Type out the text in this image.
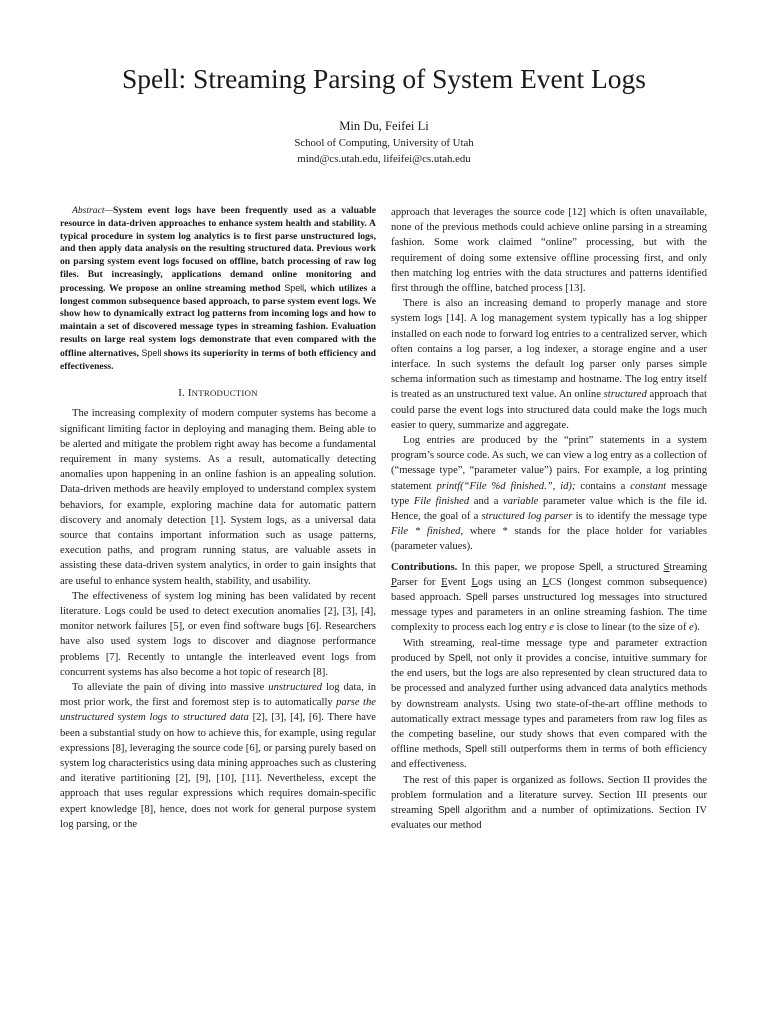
Spell: Streaming Parsing of System Event Logs
Min Du, Feifei Li
School of Computing, University of Utah
mind@cs.utah.edu, lifeifei@cs.utah.edu

Abstract—System event logs have been frequently used as a valuable resource in data-driven approaches to enhance system health and stability. A typical procedure in system log analytics is to first parse unstructured logs, and then apply data analysis on the resulting structured data. Previous work on parsing system event logs focused on offline, batch processing of raw log files. But increasingly, applications demand online monitoring and processing. We propose an online streaming method Spell, which utilizes a longest common subsequence based approach, to parse system event logs. We show how to dynamically extract log patterns from incoming logs and how to maintain a set of discovered message types in streaming fashion. Evaluation results on large real system logs demonstrate that even compared with the offline alternatives, Spell shows its superiority in terms of both efficiency and effectiveness.

I. INTRODUCTION

The increasing complexity of modern computer systems has become a significant limiting factor in deploying and managing them. Being able to be alerted and mitigate the problem right away has become a fundamental requirement in many systems. As a result, automatically detecting anomalies upon happening in an online fashion is an appealing solution. Data-driven methods are heavily employed to understand complex system behaviors, for example, exploring machine data for automatic pattern discovery and anomaly detection [1]. System logs, as a universal data source that contains important information such as usage patterns, execution paths, and program running status, are valuable assets in assisting these data-driven system analytics, in order to gain insights that are useful to enhance system health, stability, and usability.

The effectiveness of system log mining has been validated by recent literature. Logs could be used to detect execution anomalies [2], [3], [4], monitor network failures [5], or even find software bugs [6]. Researchers have also used system logs to discover and diagnose performance problems [7]. Recently to untangle the interleaved event logs from concurrent systems has also become a hot topic of research [8].

To alleviate the pain of diving into massive unstructured log data, in most prior work, the first and foremost step is to automatically parse the unstructured system logs to structured data [2], [3], [4], [6]. There have been a substantial study on how to achieve this, for example, using regular expressions [8], leveraging the source code [6], or parsing purely based on system log characteristics using data mining approaches such as clustering and iterative partitioning [2], [9], [10], [11]. Nevertheless, except the approach that uses regular expressions which requires domain-specific expert knowledge [8], hence, does not work for general purpose system log parsing, or the

approach that leverages the source code [12] which is often unavailable, none of the previous methods could achieve online parsing in a streaming fashion. Some work claimed “online” processing, but with the requirement of doing some extensive offline processing first, and only then matching log entries with the data structures and patterns identified first through the offline, batched process [13].

There is also an increasing demand to properly manage and store system logs [14]. A log management system typically has a log shipper installed on each node to forward log entries to a centralized server, which often contains a log parser, a log indexer, a storage engine and a user interface. In such systems the default log parser only parses simple schema information such as timestamp and hostname. The log entry itself is treated as an unstructured text value. An online structured approach that could parse the event logs into structured data could make the logs much easier to query, summarize and aggregate.

Log entries are produced by the “print” statements in a system program’s source code. As such, we can view a log entry as a collection of (“message type”, “parameter value”) pairs. For example, a log printing statement printf(“File %d finished.”, id); contains a constant message type File finished and a variable parameter value which is the file id. Hence, the goal of a structured log parser is to identify the message type File * finished, where * stands for the place holder for variables (parameter values).

Contributions. In this paper, we propose Spell, a structured Streaming Parser for Event Logs using an LCS (longest common subsequence) based approach. Spell parses unstructured log messages into structured message types and parameters in an online streaming fashion. The time complexity to process each log entry e is close to linear (to the size of e).

With streaming, real-time message type and parameter extraction produced by Spell, not only it provides a concise, intuitive summary for the end users, but the logs are also represented by clean structured data to be processed and analyzed further using advanced data analytics methods by downstream analysts. Using two state-of-the-art offline methods to automatically extract message types and parameters from raw log files as the competing baseline, our study shows that even compared with the offline methods, Spell still outperforms them in terms of both efficiency and effectiveness.

The rest of this paper is organized as follows. Section II provides the problem formulation and a literature survey. Section III presents our streaming Spell algorithm and a number of optimizations. Section IV evaluates our method
